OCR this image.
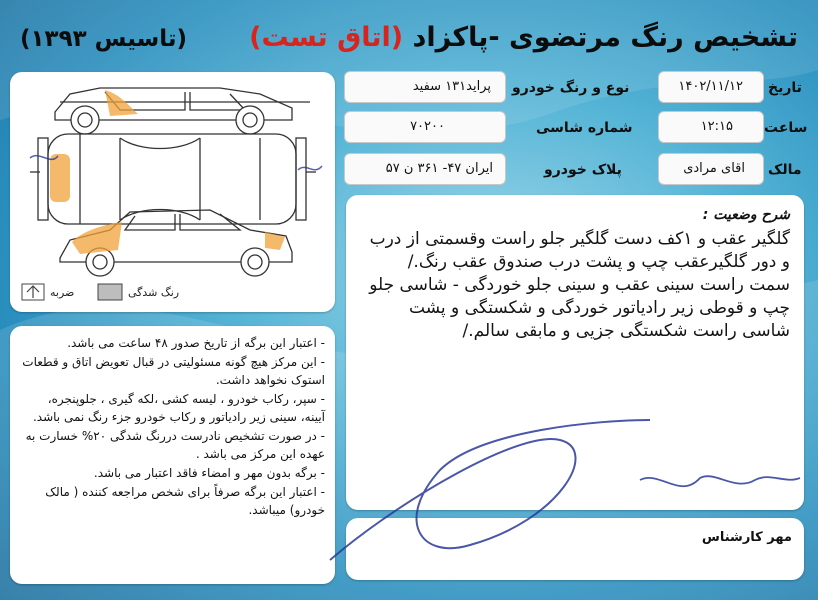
تشخیص رنگ مرتضوی -پاکزاد (اتاق تست)
(تاسیس ۱۳۹۳)
تاریخ
۱۴۰۲/۱۱/۱۲
ساعت
۱۲:۱۵
مالک
اقای مرادی
نوع و رنگ خودرو
پراید۱۳۱ سفید
شماره شاسی
۷۰۲۰۰
پلاک خودرو
ایران ۴۷- ۳۶۱ ن ۵۷
ضربه	رنگ شدگی
شرح وضعیت :
گلگیر عقب و ۱کف دست گلگیر جلو راست وقسمتی از درب
و دور گلگیرعقب چپ و پشت درب صندوق عقب رنگ./
سمت راست سینی عقب و سینی جلو خوردگی - شاسی جلو
چپ و قوطی زیر رادیاتور خوردگی و شکستگی و پشت
شاسی راست شکستگی جزیی و مابقی سالم./
- اعتبار این برگه از تاریخ صدور ۴۸ ساعت می باشد.
- این مرکز هیچ گونه مسئولیتی در قبال تعویض اتاق و قطعات استوک نخواهد داشت.
- سپر، رکاب خودرو ، لیسه کشی ،لکه گیری ، جلوپنجره، آیینه، سینی زیر رادیاتور و رکاب خودرو جزء رنگ نمی باشد.
- در صورت تشخیص نادرست دررنگ شدگی ۲۰% خسارت به عهده این مرکز می باشد .
- برگه بدون مهر و امضاء فاقد اعتبار می باشد.
- اعتبار این برگه صرفاً برای شخص مراجعه کننده ( مالک خودرو) میباشد.
مهر کارشناس
